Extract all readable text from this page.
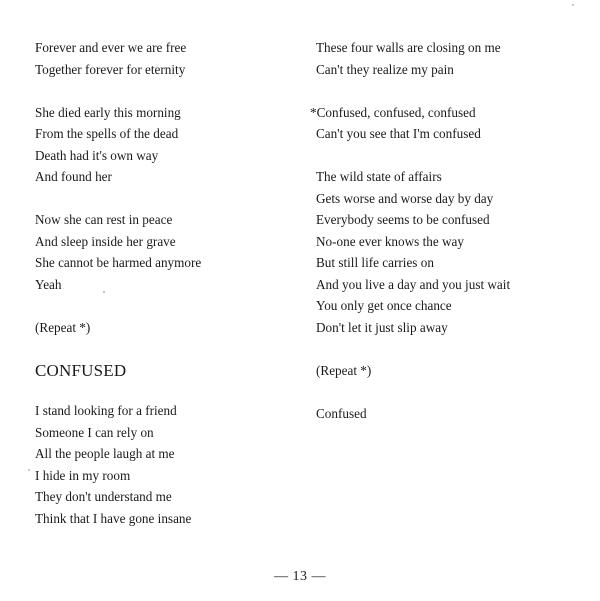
Forever and ever we are free
Together forever for eternity
She died early this morning
From the spells of the dead
Death had it's own way
And found her
Now she can rest in peace
And sleep inside her grave
She cannot be harmed anymore
Yeah
(Repeat *)
CONFUSED
I stand looking for a friend
Someone I can rely on
All the people laugh at me
I hide in my room
They don't understand me
Think that I have gone insane
These four walls are closing on me
Can't they realize my pain
*Confused, confused, confused
Can't you see that I'm confused
The wild state of affairs
Gets worse and worse day by day
Everybody seems to be confused
No-one ever knows the way
But still life carries on
And you live a day and you just wait
You only get once chance
Don't let it just slip away
(Repeat *)
Confused
— 13 —
